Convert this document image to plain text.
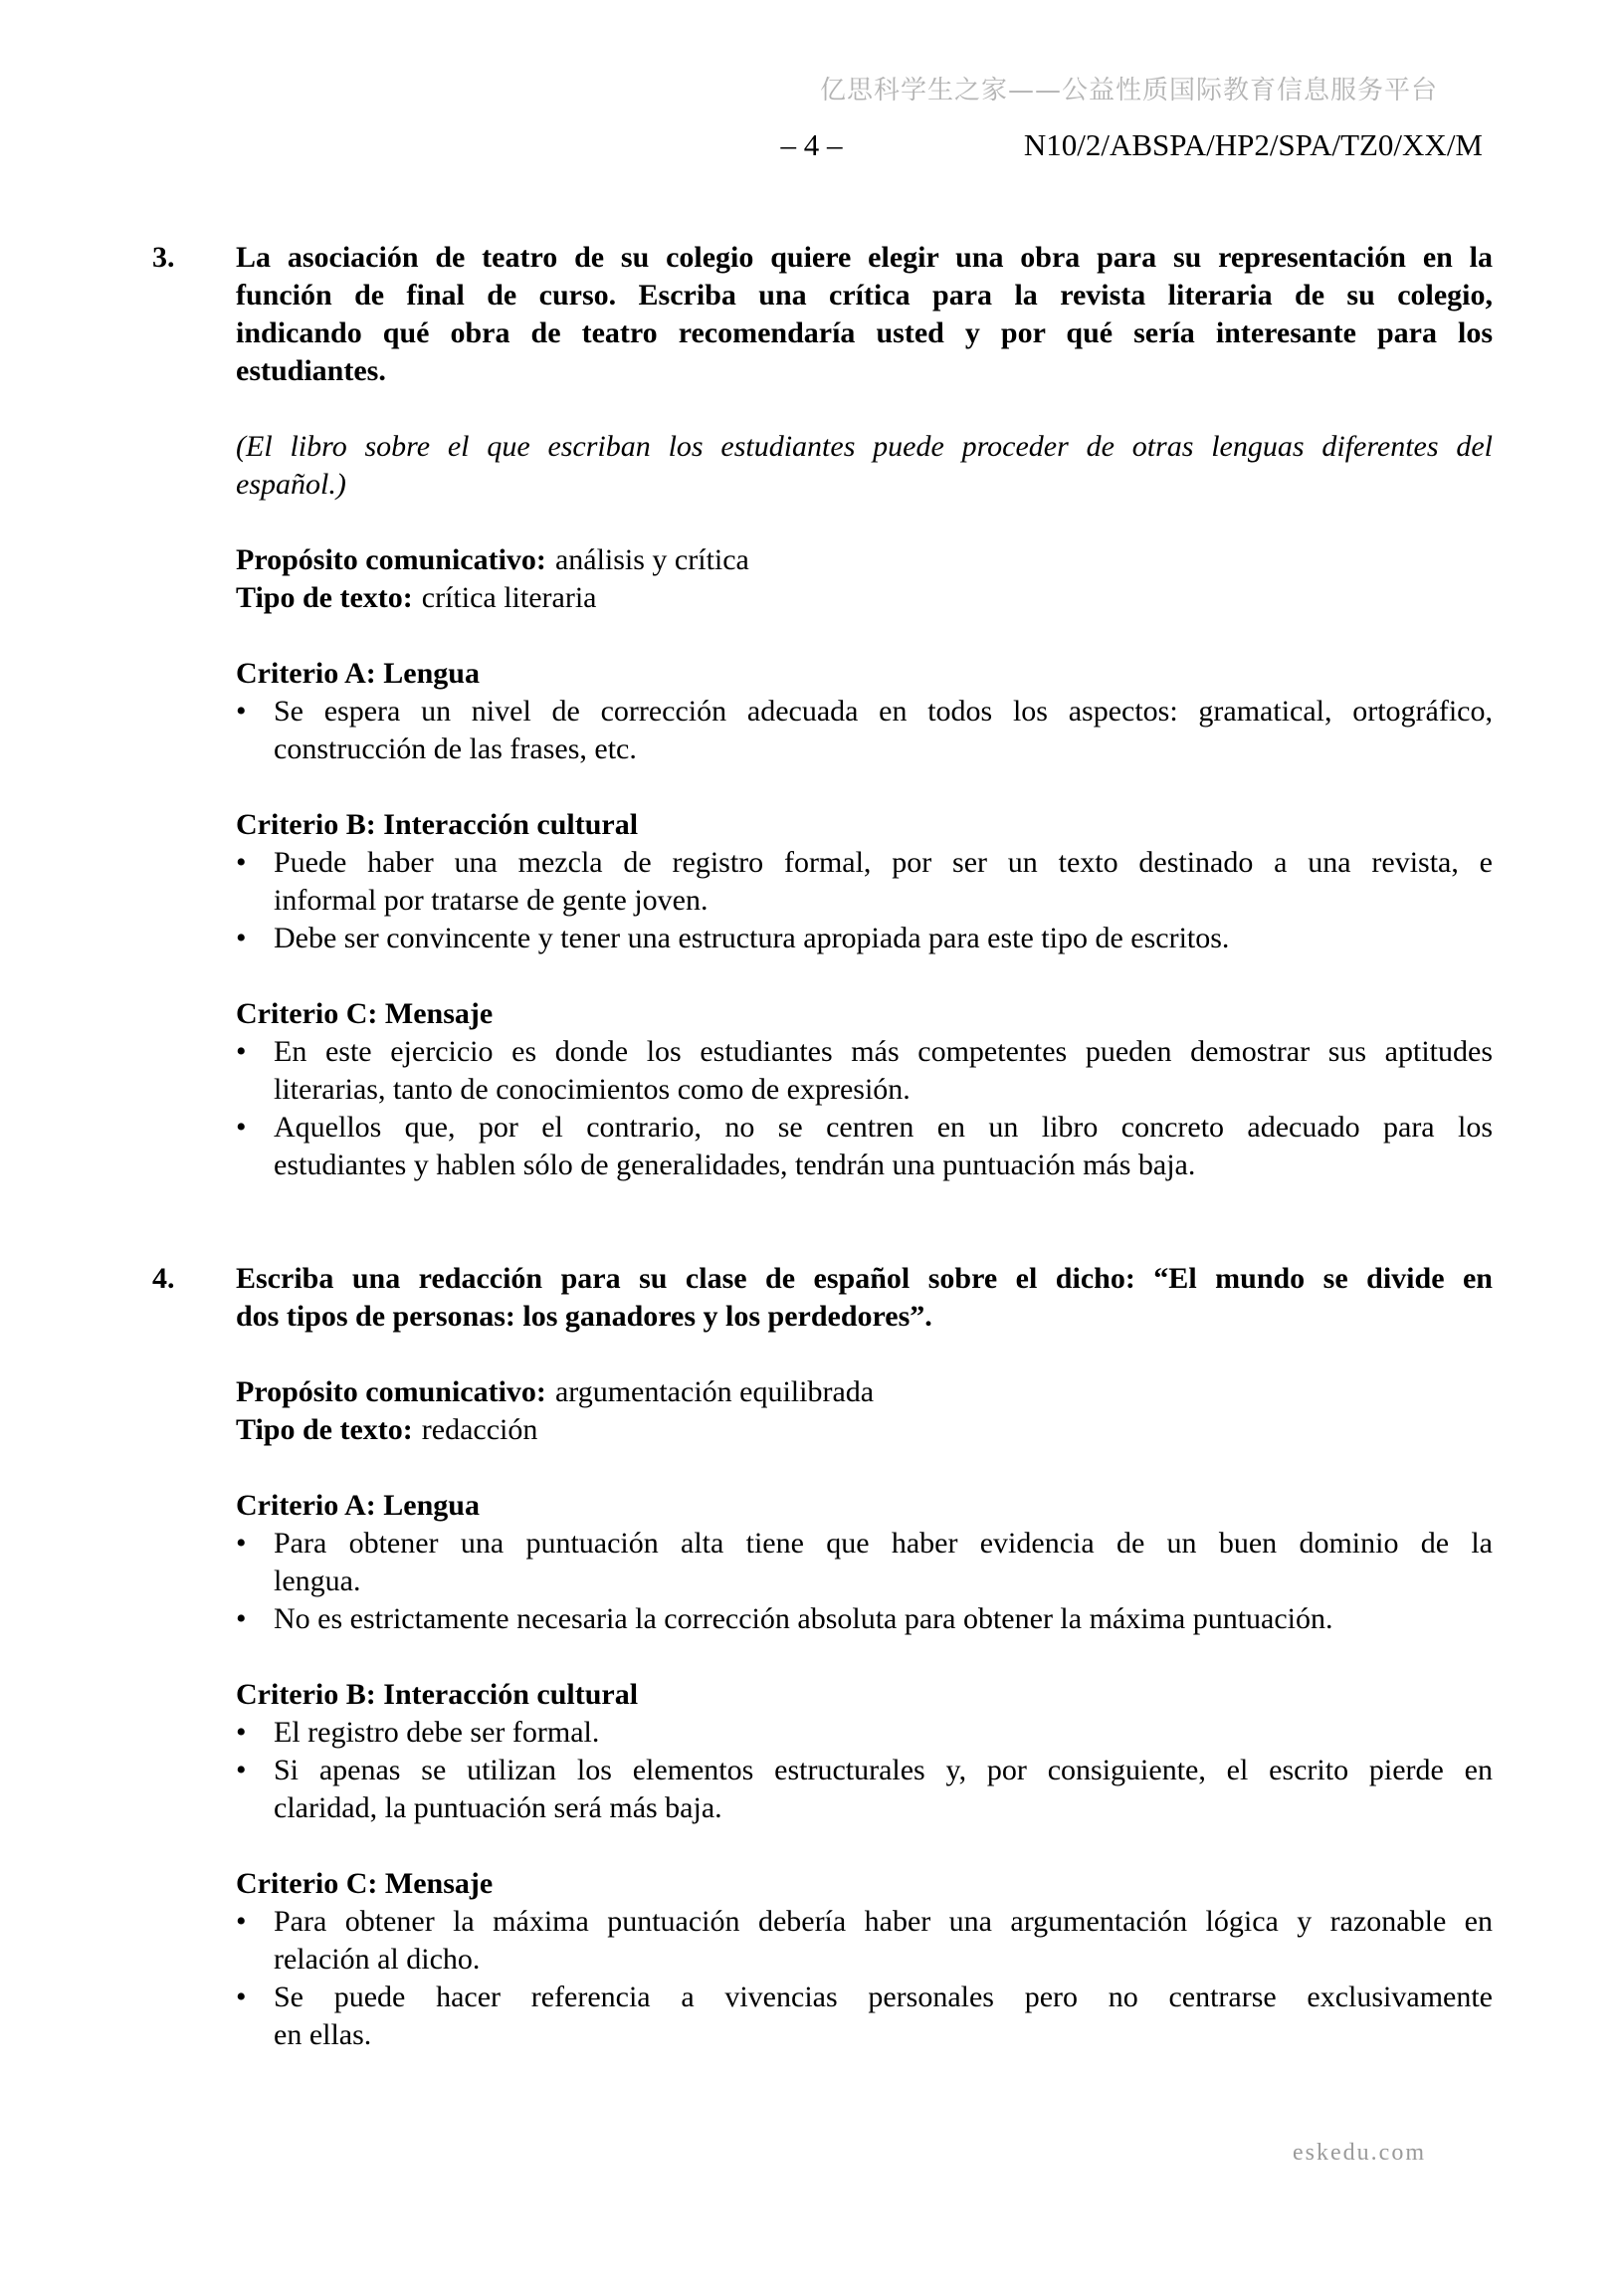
亿思科学生之家——公益性质国际教育信息服务平台
– 4 –	N10/2/ABSPA/HP2/SPA/TZ0/XX/M
3.	La asociación de teatro de su colegio quiere elegir una obra para su representación en la
función de final de curso. Escriba una crítica para la revista literaria de su colegio,
indicando qué obra de teatro recomendaría usted y por qué sería interesante para los
estudiantes.
(El libro sobre el que escriban los estudiantes puede proceder de otras lenguas diferentes del
español.)
Propósito comunicativo: análisis y crítica
Tipo de texto: crítica literaria
Criterio A: Lengua
• Se espera un nivel de corrección adecuada en todos los aspectos: gramatical, ortográfico,
construcción de las frases, etc.
Criterio B: Interacción cultural
• Puede haber una mezcla de registro formal, por ser un texto destinado a una revista, e
informal por tratarse de gente joven.
• Debe ser convincente y tener una estructura apropiada para este tipo de escritos.
Criterio C: Mensaje
• En este ejercicio es donde los estudiantes más competentes pueden demostrar sus aptitudes
literarias, tanto de conocimientos como de expresión.
• Aquellos que, por el contrario, no se centren en un libro concreto adecuado para los
estudiantes y hablen sólo de generalidades, tendrán una puntuación más baja.
4.	Escriba una redacción para su clase de español sobre el dicho: “El mundo se divide en
dos tipos de personas: los ganadores y los perdedores”.
Propósito comunicativo: argumentación equilibrada
Tipo de texto: redacción
Criterio A: Lengua
• Para obtener una puntuación alta tiene que haber evidencia de un buen dominio de la
lengua.
• No es estrictamente necesaria la corrección absoluta para obtener la máxima puntuación.
Criterio B: Interacción cultural
• El registro debe ser formal.
• Si apenas se utilizan los elementos estructurales y, por consiguiente, el escrito pierde en
claridad, la puntuación será más baja.
Criterio C: Mensaje
• Para obtener la máxima puntuación debería haber una argumentación lógica y razonable en
relación al dicho.
• Se puede hacer referencia a vivencias personales pero no centrarse exclusivamente
en ellas.
eskedu.com
